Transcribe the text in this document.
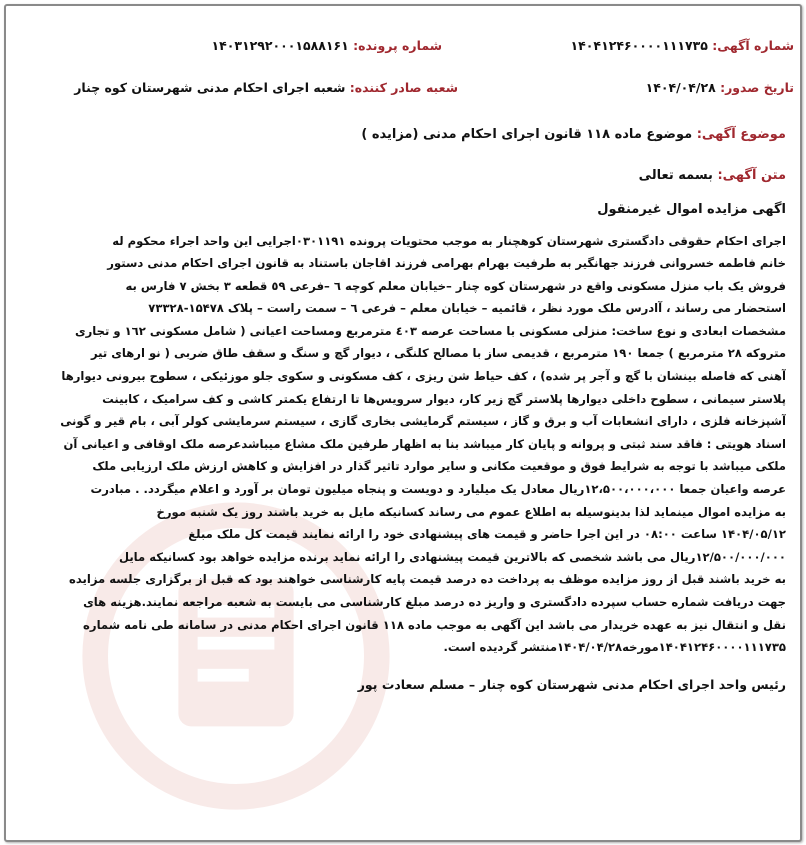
شماره آگهی: ۱۴۰۴۱۲۴۶۰۰۰۰۱۱۱۷۳۵
شماره پرونده: ۱۴۰۳۱۲۹۲۰۰۰۱۵۸۸۱۶۱
تاریخ صدور: ۱۴۰۴/۰۴/۲۸
شعبه صادر کننده: شعبه اجرای احکام مدنی شهرستان کوه چنار
موضوع آگهی: موضوع ماده ۱۱۸ قانون اجرای احکام مدنی (مزایده )
متن آگهی: بسمه تعالی
اگهی مزایده اموال غیرمنقول
اجرای احکام حقوقی دادگستری شهرستان کوهچنار به موجب محتویات پرونده ۰۳۰۱۱۹۱اجرایی این واحد اجراء محکوم له
خانم فاطمه خسروانی فرزند جهانگیر به طرفیت بهرام بهرامی فرزند اقاجان باستناد به قانون اجرای احکام مدنی دستور
فروش یک باب منزل مسکونی واقع در شهرستان کوه چنار –خیابان معلم کوچه ٦ –فرعی ٥٩ قطعه ۳ بخش ۷ فارس به
استحضار می رساند ، آادرس ملک مورد نظر ، قائمیه – خیابان معلم – فرعی ٦ – سمت راست – پلاک ۱۵۴۷۸-۷۳۳۲۸
مشخصات ابعادی و نوع ساخت: منزلی مسکونی با مساحت عرصه ٤۰۳ مترمربع ومساحت اعیانی ( شامل مسکونی ١٦٢ و تجاری
متروکه ۲۸ مترمربع ) جمعا ۱۹۰ مترمربع ، قدیمی ساز با مصالح کلنگی ، دیوار گچ و سنگ و سقف طاق ضربی ( نو ارهای تیر
آهنی که فاصله بینشان با گچ و آجر پر شده) ، کف حیاط شن ریزی ، کف مسکونی و سکوی جلو موزئیکی ، سطوح بیرونی دیوارها
پلاستر سیمانی ، سطوح داخلی دیوارها پلاستر گچ زیر کار، دیوار سرویس‌ها تا ارتفاع یکمتر کاشی و کف سرامیک ، کابینت
آشپزخانه فلزی ، دارای انشعابات آب و برق و گاز ، سیستم گرمایشی بخاری گازی ، سیستم سرمایشی کولر آبی ، بام قیر و گونی
اسناد هویتی : فاقد سند ثبتی و پروانه و پایان کار میباشد بنا به اظهار طرفین ملک مشاع میباشدعرصه ملک اوقافی و اعیانی آن
ملکی میباشد با توجه به شرایط فوق و موقعیت مکانی و سایر موارد تاثیر گذار در افزایش و کاهش ارزش ملک ارزیابی ملک
عرصه واعیان جمعا ۱۲،۵۰۰،۰۰۰،۰۰۰ریال معادل یک میلیارد و دویست و پنجاه میلیون تومان بر آورد و اعلام میگردد. . مبادرت
به مزایده اموال مینماید لذا بدینوسیله به اطلاع عموم می رساند کسانیکه مایل به خرید باشند روز یک شنبه مورخ
۱۴۰۴/۰۵/۱۲ ساعت ۰۸:۰۰ در این اجرا حاضر و قیمت های پیشنهادی خود را ارائه نمایند قیمت کل ملک مبلغ
۱۲/۵۰۰/۰۰۰/۰۰۰ریال می باشد شخصی که بالاترین قیمت پیشنهادی را ارائه نماید برنده مزایده خواهد بود کسانیکه مایل
به خرید باشند قبل از روز مزایده موظف به پرداخت ده درصد قیمت پایه کارشناسی خواهند بود که قبل از برگزاری جلسه مزایده
جهت دریافت شماره حساب سپرده دادگستری و واریز ده درصد مبلغ کارشناسی می بایست به شعبه مراجعه نمایند.هزینه های
نقل و انتقال نیز به عهده خریدار می باشد این آگهی به موجب ماده ۱۱۸ قانون اجرای احکام مدنی در سامانه طی نامه شماره
۱۴۰۴۱۲۴۶۰۰۰۰۱۱۱۷۳۵مورخه۱۴۰۴/۰۴/۲۸منتشر گردیده است.
رئیس واحد اجرای احکام مدنی شهرستان کوه چنار – مسلم سعادت پور
